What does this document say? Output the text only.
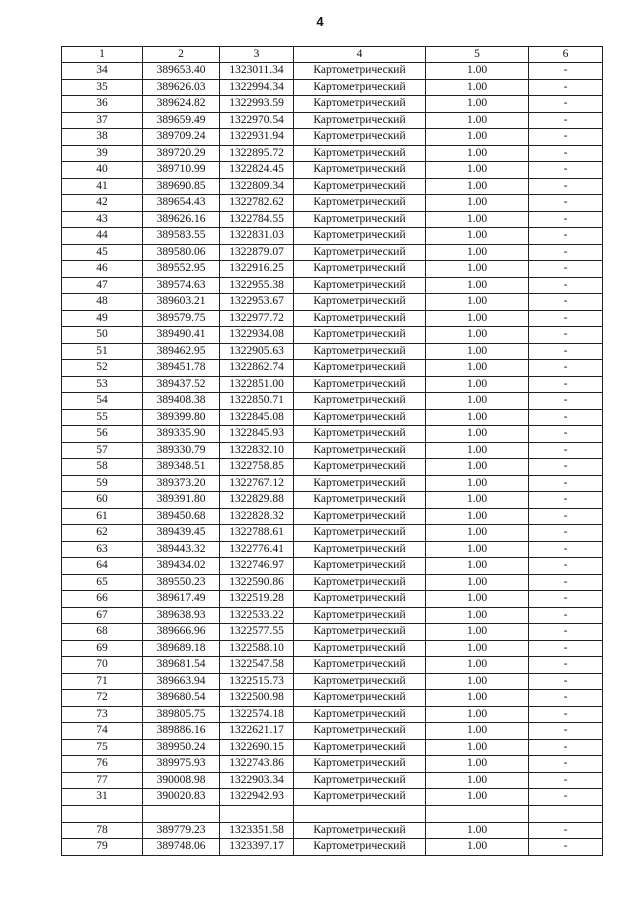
4
1	2	3	4	5	6
34	389653.40	1323011.34	Картометрический	1.00	-
35	389626.03	1322994.34	Картометрический	1.00	-
36	389624.82	1322993.59	Картометрический	1.00	-
37	389659.49	1322970.54	Картометрический	1.00	-
38	389709.24	1322931.94	Картометрический	1.00	-
39	389720.29	1322895.72	Картометрический	1.00	-
40	389710.99	1322824.45	Картометрический	1.00	-
41	389690.85	1322809.34	Картометрический	1.00	-
42	389654.43	1322782.62	Картометрический	1.00	-
43	389626.16	1322784.55	Картометрический	1.00	-
44	389583.55	1322831.03	Картометрический	1.00	-
45	389580.06	1322879.07	Картометрический	1.00	-
46	389552.95	1322916.25	Картометрический	1.00	-
47	389574.63	1322955.38	Картометрический	1.00	-
48	389603.21	1322953.67	Картометрический	1.00	-
49	389579.75	1322977.72	Картометрический	1.00	-
50	389490.41	1322934.08	Картометрический	1.00	-
51	389462.95	1322905.63	Картометрический	1.00	-
52	389451.78	1322862.74	Картометрический	1.00	-
53	389437.52	1322851.00	Картометрический	1.00	-
54	389408.38	1322850.71	Картометрический	1.00	-
55	389399.80	1322845.08	Картометрический	1.00	-
56	389335.90	1322845.93	Картометрический	1.00	-
57	389330.79	1322832.10	Картометрический	1.00	-
58	389348.51	1322758.85	Картометрический	1.00	-
59	389373.20	1322767.12	Картометрический	1.00	-
60	389391.80	1322829.88	Картометрический	1.00	-
61	389450.68	1322828.32	Картометрический	1.00	-
62	389439.45	1322788.61	Картометрический	1.00	-
63	389443.32	1322776.41	Картометрический	1.00	-
64	389434.02	1322746.97	Картометрический	1.00	-
65	389550.23	1322590.86	Картометрический	1.00	-
66	389617.49	1322519.28	Картометрический	1.00	-
67	389638.93	1322533.22	Картометрический	1.00	-
68	389666.96	1322577.55	Картометрический	1.00	-
69	389689.18	1322588.10	Картометрический	1.00	-
70	389681.54	1322547.58	Картометрический	1.00	-
71	389663.94	1322515.73	Картометрический	1.00	-
72	389680.54	1322500.98	Картометрический	1.00	-
73	389805.75	1322574.18	Картометрический	1.00	-
74	389886.16	1322621.17	Картометрический	1.00	-
75	389950.24	1322690.15	Картометрический	1.00	-
76	389975.93	1322743.86	Картометрический	1.00	-
77	390008.98	1322903.34	Картометрический	1.00	-
31	390020.83	1322942.93	Картометрический	1.00	-

78	389779.23	1323351.58	Картометрический	1.00	-
79	389748.06	1323397.17	Картометрический	1.00	-
